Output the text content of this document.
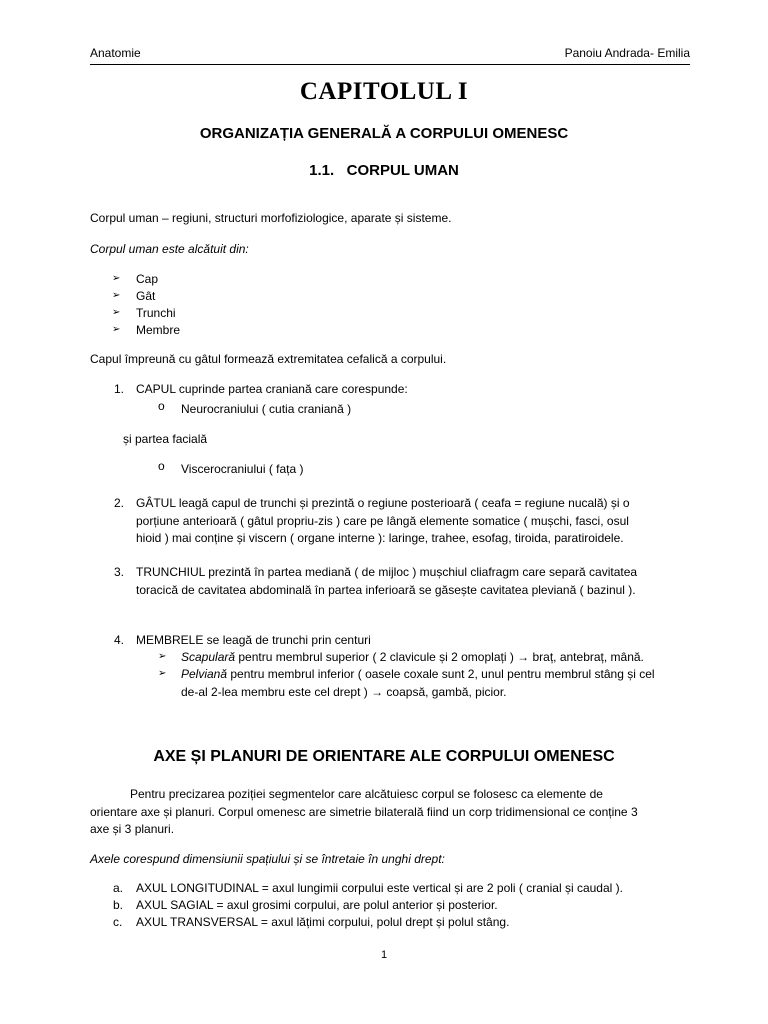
Anatomie	Panoiu Andrada- Emilia
CAPITOLUL I
ORGANIZAȚIA GENERALĂ A CORPULUI OMENESC
1.1.   CORPUL UMAN
Corpul uman – regiuni, structuri morfofiziologice, aparate și sisteme.
Corpul uman este alcătuit din:
➢ Cap
➢ Gât
➢ Trunchi
➢ Membre
Capul împreună cu gâtul formează extremitatea cefalică a corpului.
1. CAPUL cuprinde partea craniană care corespunde:
o Neurocraniului ( cutia craniană )
și partea facială
o Viscerocraniului ( fața )
2. GÂTUL leagă capul de trunchi și prezintă o regiune posterioară ( ceafa = regiune nucală) și o
porțiune anterioară ( gâtul propriu-zis ) care pe lângă elemente somatice ( mușchi, fasci, osul
hioid ) mai conține și viscern ( organe interne ): laringe, trahee, esofag, tiroida, paratiroidele.
3. TRUNCHIUL prezintă în partea mediană ( de mijloc ) mușchiul cliafragm care separă cavitatea
toracică de cavitatea abdominală în partea inferioară se găsește cavitatea plevіană ( bazinul ).
4. MEMBRELE se leagă de trunchi prin centuri
➢ Scapulară pentru membrul superior ( 2 clavicule și 2 omoplați ) → braț, antebraț, mână.
➢ Pelviană pentru membrul inferior ( oasele coxale sunt 2, unul pentru membrul stâng și cel
de-al 2-lea membru este cel drept ) → coapsă, gambă, picior.
AXE ȘI PLANURI DE ORIENTARE ALE CORPULUI OMENESC
Pentru precizarea poziției segmentelor care alcătuiesc corpul se folosesc ca elemente de
orientare axe și planuri. Corpul omenesc are simetrie bilaterală fiind un corp tridimensional ce conține 3
axe și 3 planuri.
Axele corespund dimensiunii spațiului și se întretaie în unghi drept:
a. AXUL LONGITUDINAL = axul lungimii corpului este vertical și are 2 poli ( cranial și caudal ).
b. AXUL SAGIAL = axul grosimi corpului, are polul anterior și posterior.
c. AXUL TRANSVERSAL = axul lățimi corpului, polul drept și polul stâng.
1
